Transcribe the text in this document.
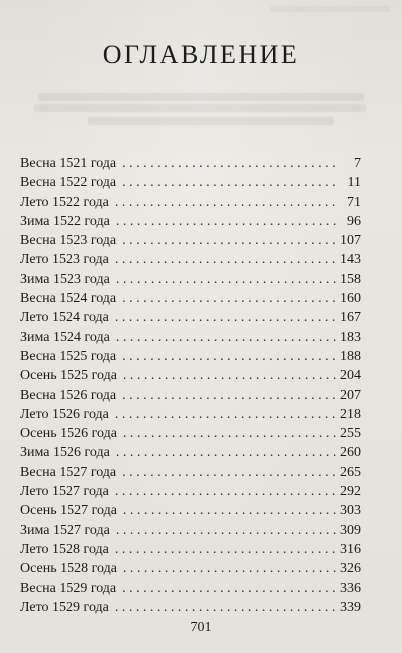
ОГЛАВЛЕНИЕ
Весна 1521 года . . .	7
Весна 1522 года . . .	11
Лето 1522 года . . .	71
Зима 1522 года . . .	96
Весна 1523 года . . .	107
Лето 1523 года . . .	143
Зима 1523 года . . .	158
Весна 1524 года . . .	160
Лето 1524 года . . .	167
Зима 1524 года . . .	183
Весна 1525 года . . .	188
Осень 1525 года . . .	204
Весна 1526 года . . .	207
Лето 1526 года . . .	218
Осень 1526 года . . .	255
Зима 1526 года . . .	260
Весна 1527 года . . .	265
Лето 1527 года . . .	292
Осень 1527 года . . .	303
Зима 1527 года . . .	309
Лето 1528 года . . .	316
Осень 1528 года . . .	326
Весна 1529 года . . .	336
Лето 1529 года . . .	339
701
